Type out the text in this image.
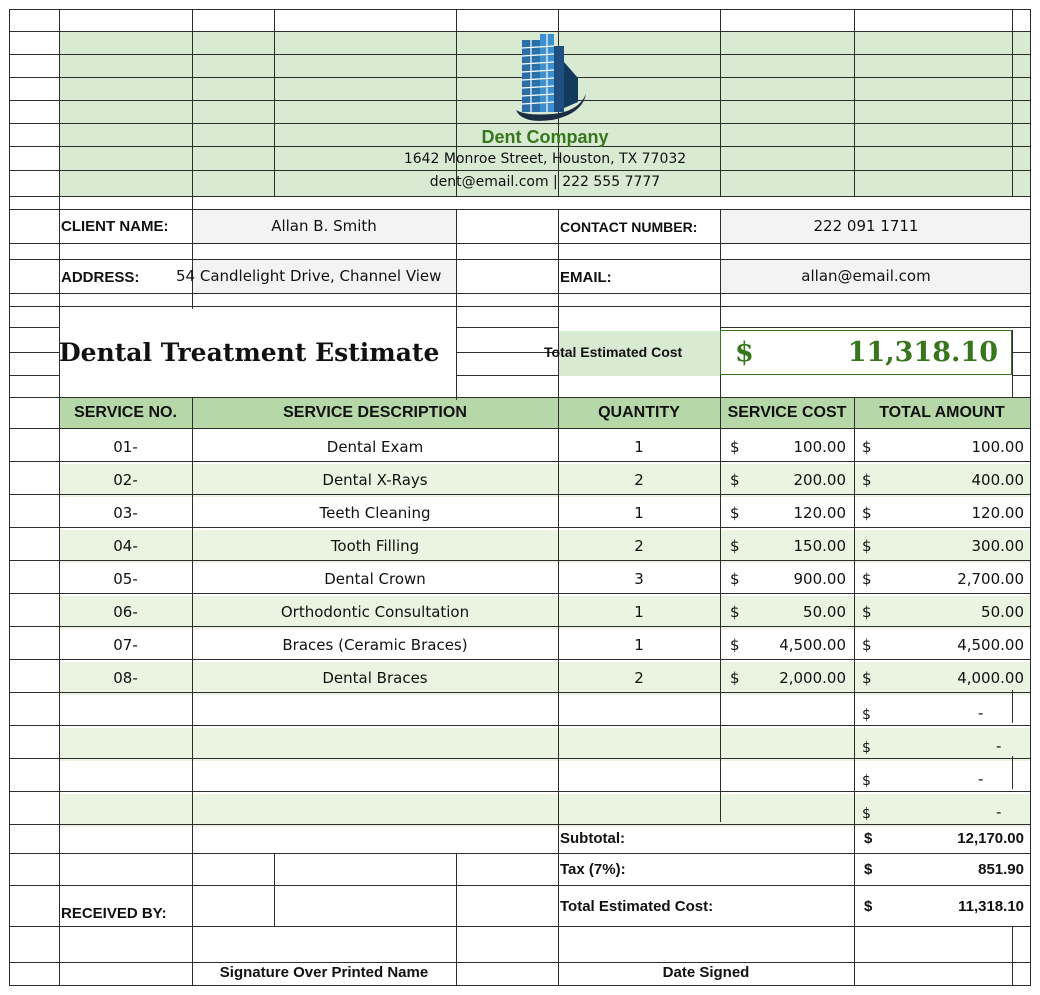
Dent Company
1642 Monroe Street, Houston, TX 77032
dent@email.com | 222 555 7777
CLIENT NAME:	Allan B. Smith	CONTACT NUMBER:	222 091 1711
ADDRESS: 54 Candlelight Drive, Channel View	EMAIL:	allan@email.com
Dental Treatment Estimate	Total Estimated Cost $	11,318.10
SERVICE NO.	SERVICE DESCRIPTION	QUANTITY	SERVICE COST	TOTAL AMOUNT
01-	Dental Exam	1	$	100.00 $	100.00
02-	Dental X-Rays	2	$	200.00 $	400.00
03-	Teeth Cleaning	1	$	120.00 $	120.00
04-	Tooth Filling	2	$	150.00 $	300.00
05-	Dental Crown	3	$	900.00 $	2,700.00
06-	Orthodontic Consultation	1	$	50.00 $	50.00
07-	Braces (Ceramic Braces)	1	$	4,500.00 $	4,500.00
08-	Dental Braces	2	$	2,000.00 $	4,000.00
$	-
$	-
$	-
$	-
Subtotal:	$	12,170.00
Tax (7%):	$	851.90
Total Estimated Cost:	$	11,318.10
RECEIVED BY:
Signature Over Printed Name	Date Signed
